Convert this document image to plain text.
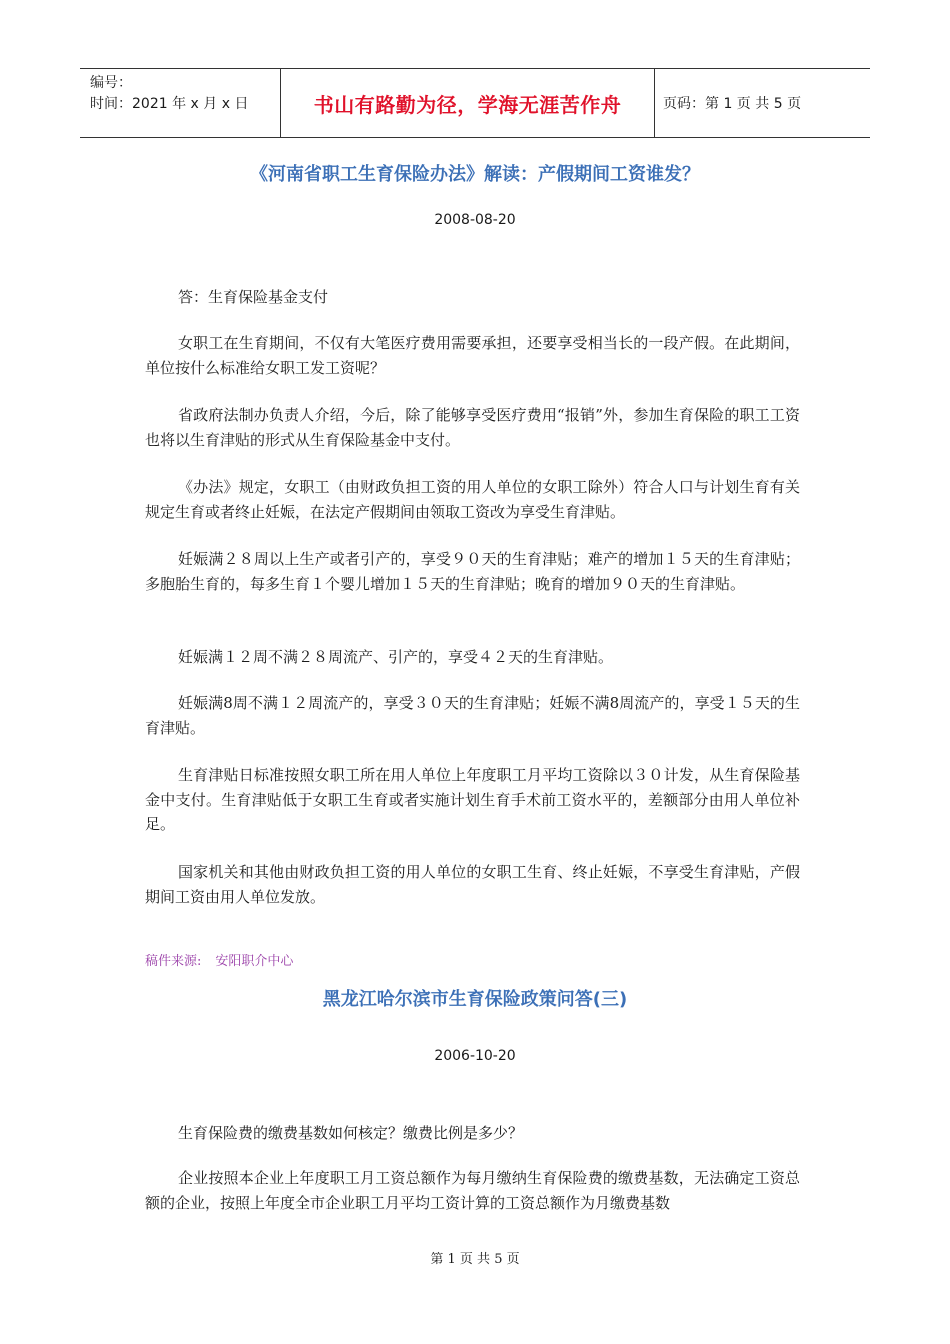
编号：
时间：2021 年 x 月 x 日	书山有路勤为径，学海无涯苦作舟	页码：第 1 页 共 5 页
《河南省职工生育保险办法》解读：产假期间工资谁发？
2008-08-20

答：生育保险基金支付

女职工在生育期间，不仅有大笔医疗费用需要承担，还要享受相当长的一段产假。在此期间，单位按什么标准给女职工发工资呢？

省政府法制办负责人介绍，今后，除了能够享受医疗费用“报销”外，参加生育保险的职工工资也将以生育津贴的形式从生育保险基金中支付。

《办法》规定，女职工（由财政负担工资的用人单位的女职工除外）符合人口与计划生育有关规定生育或者终止妊娠，在法定产假期间由领取工资改为享受生育津贴。

妊娠满２８周以上生产或者引产的，享受９０天的生育津贴；难产的增加１５天的生育津贴；多胞胎生育的，每多生育１个婴儿增加１５天的生育津贴；晚育的增加９０天的生育津贴。

妊娠满１２周不满２８周流产、引产的，享受４２天的生育津贴。

妊娠满8周不满１２周流产的，享受３０天的生育津贴；妊娠不满8周流产的，享受１５天的生育津贴。

生育津贴日标准按照女职工所在用人单位上年度职工月平均工资除以３０计发，从生育保险基金中支付。生育津贴低于女职工生育或者实施计划生育手术前工资水平的，差额部分由用人单位补足。

国家机关和其他由财政负担工资的用人单位的女职工生育、终止妊娠，不享受生育津贴，产假期间工资由用人单位发放。

稿件来源: 安阳职介中心
黑龙江哈尔滨市生育保险政策问答(三)
2006-10-20

生育保险费的缴费基数如何核定？缴费比例是多少？

企业按照本企业上年度职工月工资总额作为每月缴纳生育保险费的缴费基数，无法确定工资总额的企业，按照上年度全市企业职工月平均工资计算的工资总额作为月缴费基数

第 1 页 共 5 页
